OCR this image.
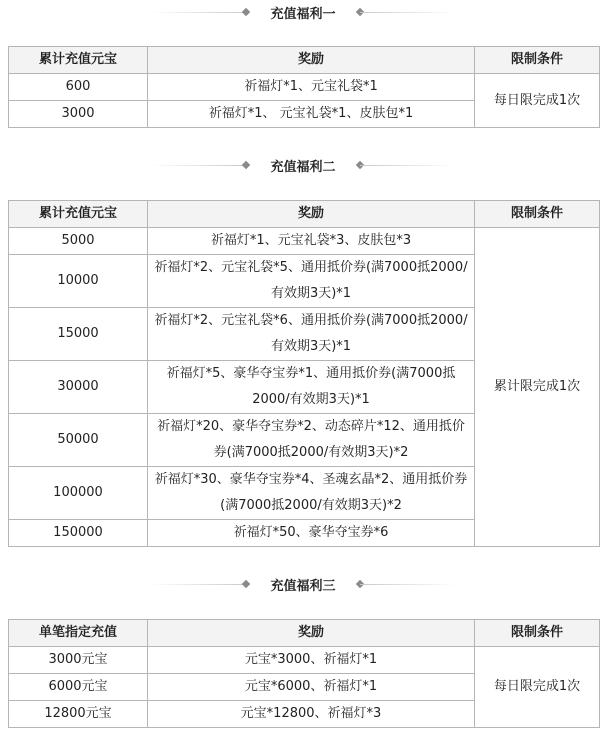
充值福利一
累计充值元宝	奖励	限制条件
600	祈福灯*1、元宝礼袋*1	每日限完成1次
3000	祈福灯*1、 元宝礼袋*1、皮肤包*1	
充值福利二
累计充值元宝	奖励	限制条件
5000	祈福灯*1、元宝礼袋*3、皮肤包*3	累计限完成1次
10000	祈福灯*2、元宝礼袋*5、通用抵价券(满7000抵2000/有效期3天)*1	
15000	祈福灯*2、元宝礼袋*6、通用抵价券(满7000抵2000/有效期3天)*1	
30000	祈福灯*5、豪华夺宝券*1、通用抵价券(满7000抵2000/有效期3天)*1	
50000	祈福灯*20、豪华夺宝券*2、动态碎片*12、通用抵价券(满7000抵2000/有效期3天)*2	
100000	祈福灯*30、豪华夺宝券*4、圣魂玄晶*2、通用抵价券(满7000抵2000/有效期3天)*2	
150000	祈福灯*50、豪华夺宝券*6	
充值福利三
单笔指定充值	奖励	限制条件
3000元宝	元宝*3000、祈福灯*1	每日限完成1次
6000元宝	元宝*6000、祈福灯*1	
12800元宝	元宝*12800、祈福灯*3	
